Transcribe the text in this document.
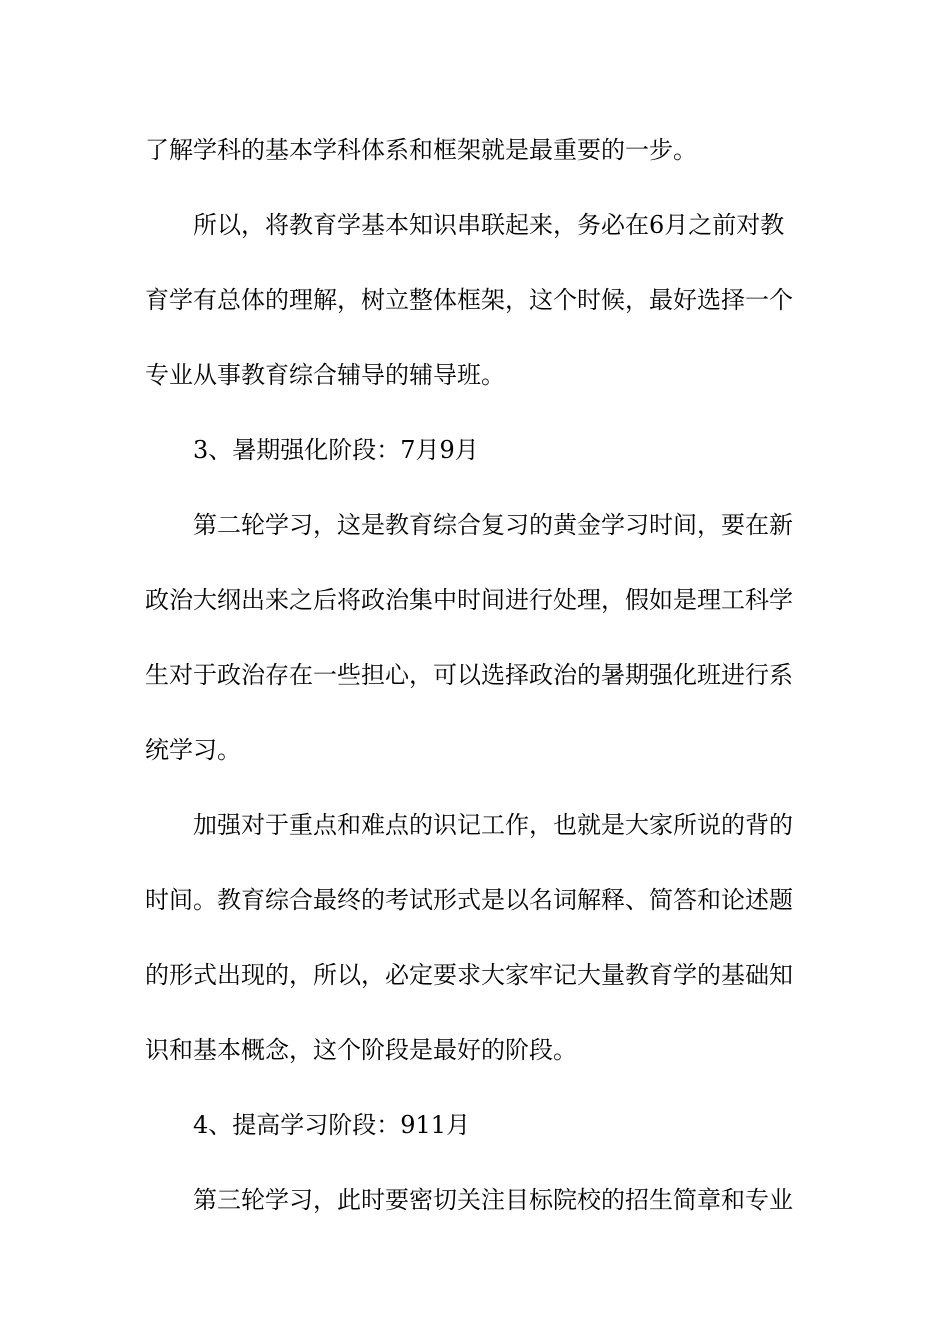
了解学科的基本学科体系和框架就是最重要的一步。
所以，将教育学基本知识串联起来，务必在6月之前对教
育学有总体的理解，树立整体框架，这个时候，最好选择一个
专业从事教育综合辅导的辅导班。
3、暑期强化阶段：7月9月
第二轮学习，这是教育综合复习的黄金学习时间，要在新
政治大纲出来之后将政治集中时间进行处理，假如是理工科学
生对于政治存在一些担心，可以选择政治的暑期强化班进行系
统学习。
加强对于重点和难点的识记工作，也就是大家所说的背的
时间。教育综合最终的考试形式是以名词解释、简答和论述题
的形式出现的，所以，必定要求大家牢记大量教育学的基础知
识和基本概念，这个阶段是最好的阶段。
4、提高学习阶段：911月
第三轮学习，此时要密切关注目标院校的招生简章和专业
